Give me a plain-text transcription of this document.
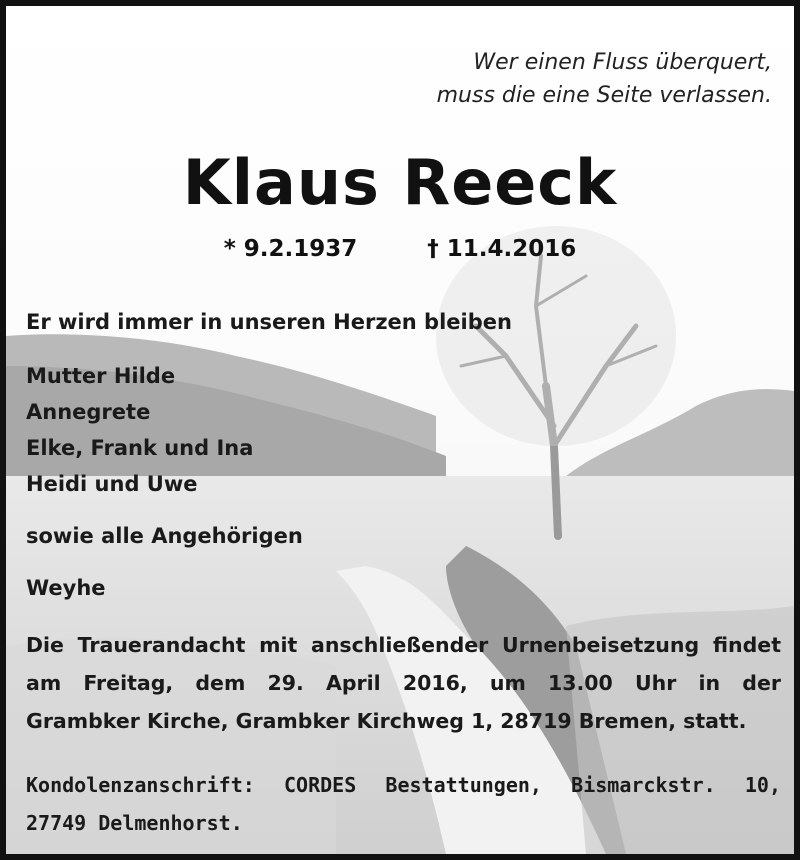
Wer einen Fluss überquert,
muss die eine Seite verlassen.
Klaus Reeck
* 9.2.1937	† 11.4.2016
Er wird immer in unseren Herzen bleiben
Mutter Hilde
Annegrete
Elke, Frank und Ina
Heidi und Uwe
sowie alle Angehörigen
Weyhe
Die Trauerandacht mit anschließender Urnenbeisetzung findet
am Freitag, dem 29. April 2016, um 13.00 Uhr in der
Grambker Kirche, Grambker Kirchweg 1, 28719 Bremen, statt.
Kondolenzanschrift: CORDES Bestattungen, Bismarckstr. 10,
27749 Delmenhorst.
